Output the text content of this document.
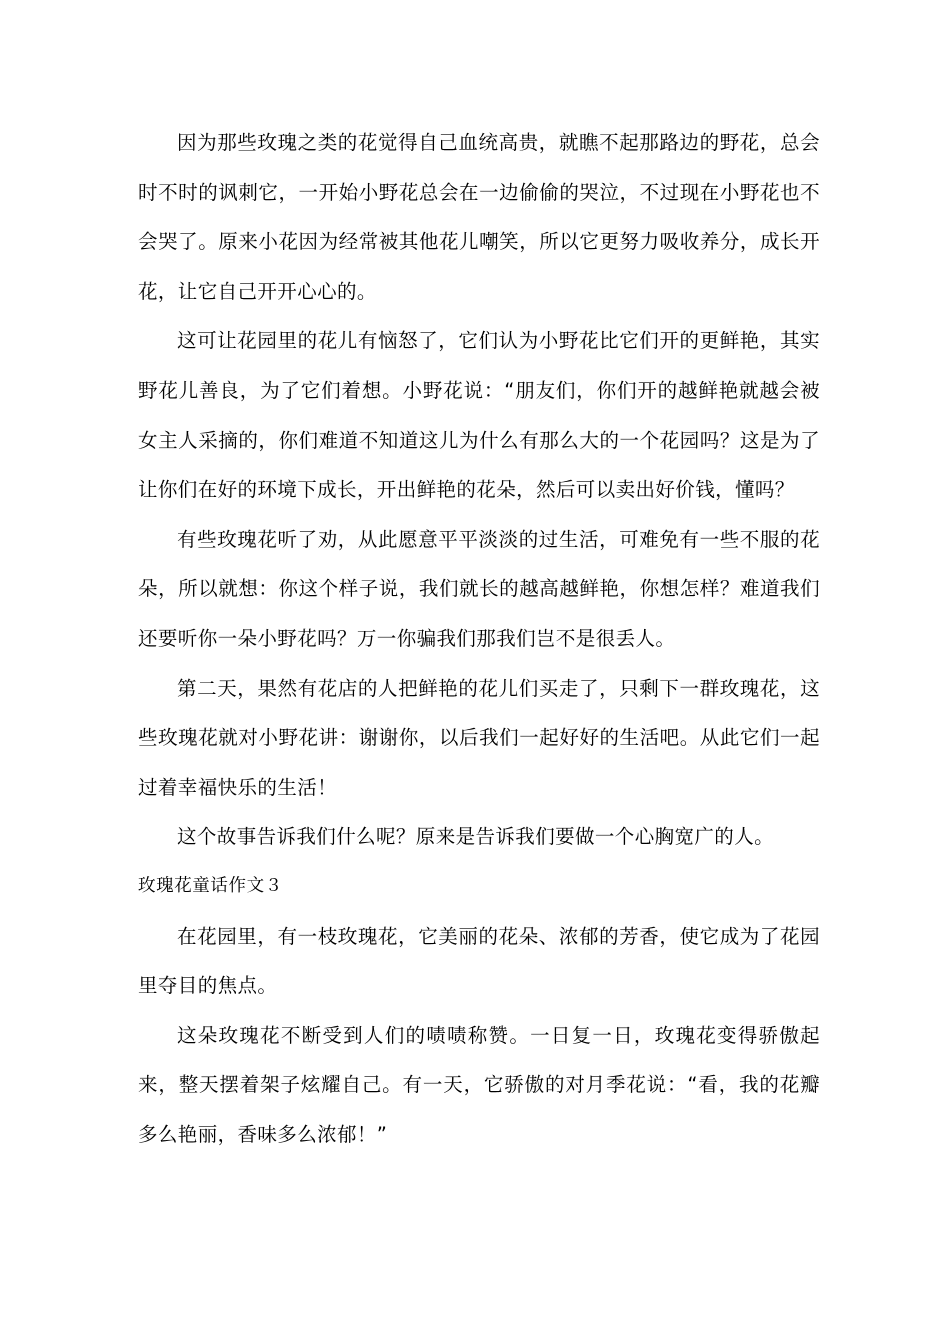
因为那些玫瑰之类的花觉得自己血统高贵，就瞧不起那路边的野花，总会时不时的讽刺它，一开始小野花总会在一边偷偷的哭泣，不过现在小野花也不会哭了。原来小花因为经常被其他花儿嘲笑，所以它更努力吸收养分，成长开花，让它自己开开心心的。

这可让花园里的花儿有恼怒了，它们认为小野花比它们开的更鲜艳，其实野花儿善良，为了它们着想。小野花说：“朋友们，你们开的越鲜艳就越会被女主人采摘的，你们难道不知道这儿为什么有那么大的一个花园吗？这是为了让你们在好的环境下成长，开出鲜艳的花朵，然后可以卖出好价钱，懂吗？

有些玫瑰花听了劝，从此愿意平平淡淡的过生活，可难免有一些不服的花朵，所以就想：你这个样子说，我们就长的越高越鲜艳，你想怎样？难道我们还要听你一朵小野花吗？万一你骗我们那我们岂不是很丢人。

第二天，果然有花店的人把鲜艳的花儿们买走了，只剩下一群玫瑰花，这些玫瑰花就对小野花讲：谢谢你，以后我们一起好好的生活吧。从此它们一起过着幸福快乐的生活！

这个故事告诉我们什么呢？原来是告诉我们要做一个心胸宽广的人。

玫瑰花童话作文３

在花园里，有一枝玫瑰花，它美丽的花朵、浓郁的芳香，使它成为了花园里夺目的焦点。

这朵玫瑰花不断受到人们的啧啧称赞。一日复一日，玫瑰花变得骄傲起来，整天摆着架子炫耀自己。有一天，它骄傲的对月季花说：“看，我的花瓣多么艳丽，香味多么浓郁！”
